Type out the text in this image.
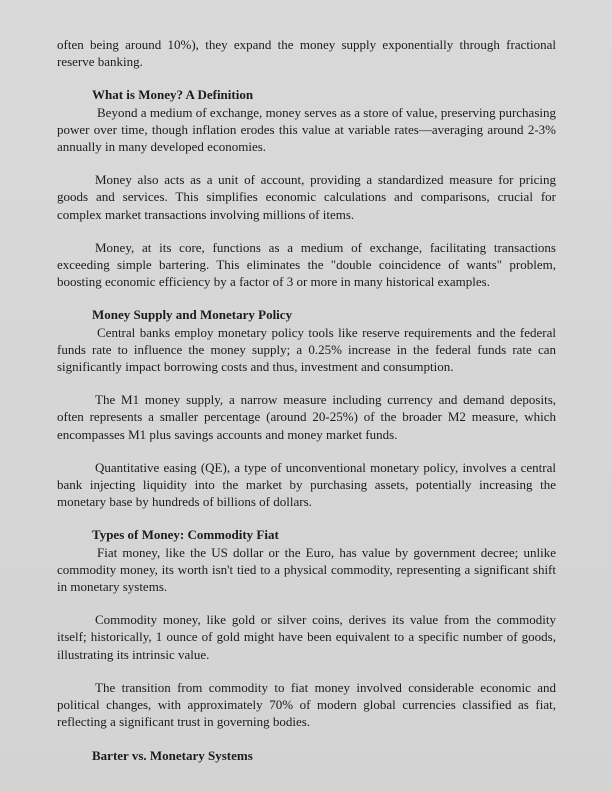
often being around 10%), they expand the money supply exponentially through fractional reserve banking.

What is Money? A Definition

Beyond a medium of exchange, money serves as a store of value, preserving purchasing power over time, though inflation erodes this value at variable rates—averaging around 2-3% annually in many developed economies.

Money also acts as a unit of account, providing a standardized measure for pricing goods and services. This simplifies economic calculations and comparisons, crucial for complex market transactions involving millions of items.

Money, at its core, functions as a medium of exchange, facilitating transactions exceeding simple bartering. This eliminates the "double coincidence of wants" problem, boosting economic efficiency by a factor of 3 or more in many historical examples.

Money Supply and Monetary Policy

Central banks employ monetary policy tools like reserve requirements and the federal funds rate to influence the money supply; a 0.25% increase in the federal funds rate can significantly impact borrowing costs and thus, investment and consumption.

The M1 money supply, a narrow measure including currency and demand deposits, often represents a smaller percentage (around 20-25%) of the broader M2 measure, which encompasses M1 plus savings accounts and money market funds.

Quantitative easing (QE), a type of unconventional monetary policy, involves a central bank injecting liquidity into the market by purchasing assets, potentially increasing the monetary base by hundreds of billions of dollars.

Types of Money: Commodity Fiat

Fiat money, like the US dollar or the Euro, has value by government decree; unlike commodity money, its worth isn't tied to a physical commodity, representing a significant shift in monetary systems.

Commodity money, like gold or silver coins, derives its value from the commodity itself; historically, 1 ounce of gold might have been equivalent to a specific number of goods, illustrating its intrinsic value.

The transition from commodity to fiat money involved considerable economic and political changes, with approximately 70% of modern global currencies classified as fiat, reflecting a significant trust in governing bodies.

Barter vs. Monetary Systems
